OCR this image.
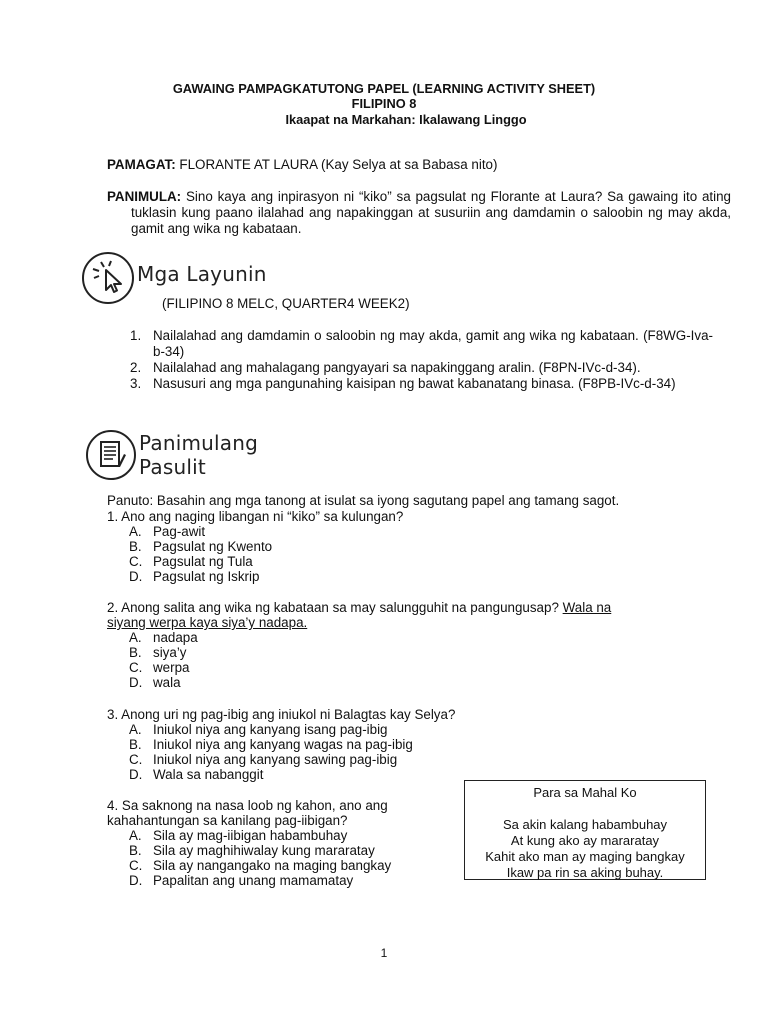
GAWAING PAMPAGKATUTONG PAPEL (LEARNING ACTIVITY SHEET)
FILIPINO 8
Ikaapat na Markahan: Ikalawang Linggo
PAMAGAT: FLORANTE AT LAURA (Kay Selya at sa Babasa nito)
PANIMULA: Sino kaya ang inpirasyon ni “kiko” sa pagsulat ng Florante at Laura? Sa gawaing ito ating tuklasin kung paano ilalahad ang napakinggan at susuriin ang damdamin o saloobin ng may akda, gamit ang wika ng kabataan.
Mga Layunin
(FILIPINO 8 MELC, QUARTER4 WEEK2)
1. Nailalahad ang damdamin o saloobin ng may akda, gamit ang wika ng kabataan. (F8WG-Iva-b-34)
2. Nailalahad ang mahalagang pangyayari sa napakinggang aralin. (F8PN-IVc-d-34).
3. Nasusuri ang mga pangunahing kaisipan ng bawat kabanatang binasa. (F8PB-IVc-d-34)
Panimulang
Pasulit
Panuto: Basahin ang mga tanong at isulat sa iyong sagutang papel ang tamang sagot.
1. Ano ang naging libangan ni “kiko” sa kulungan?
A. Pag-awit
B. Pagsulat ng Kwento
C. Pagsulat ng Tula
D. Pagsulat ng Iskrip
2. Anong salita ang wika ng kabataan sa may salungguhit na pangungusap? Wala na
siyang werpa kaya siya’y nadapa.
A. nadapa
B. siya’y
C. werpa
D. wala
3. Anong uri ng pag-ibig ang iniukol ni Balagtas kay Selya?
A. Iniukol niya ang kanyang isang pag-ibig
B. Iniukol niya ang kanyang wagas na pag-ibig
C. Iniukol niya ang kanyang sawing pag-ibig
D. Wala sa nabanggit
4. Sa saknong na nasa loob ng kahon, ano ang
kahahantungan sa kanilang pag-iibigan?
A. Sila ay mag-iibigan habambuhay
B. Sila ay maghihiwalay kung mararatay
C. Sila ay nangangako na maging bangkay
D. Papalitan ang unang mamamatay
Para sa Mahal Ko
Sa akin kalang habambuhay
At kung ako ay mararatay
Kahit ako man ay maging bangkay
Ikaw pa rin sa aking buhay.
1
